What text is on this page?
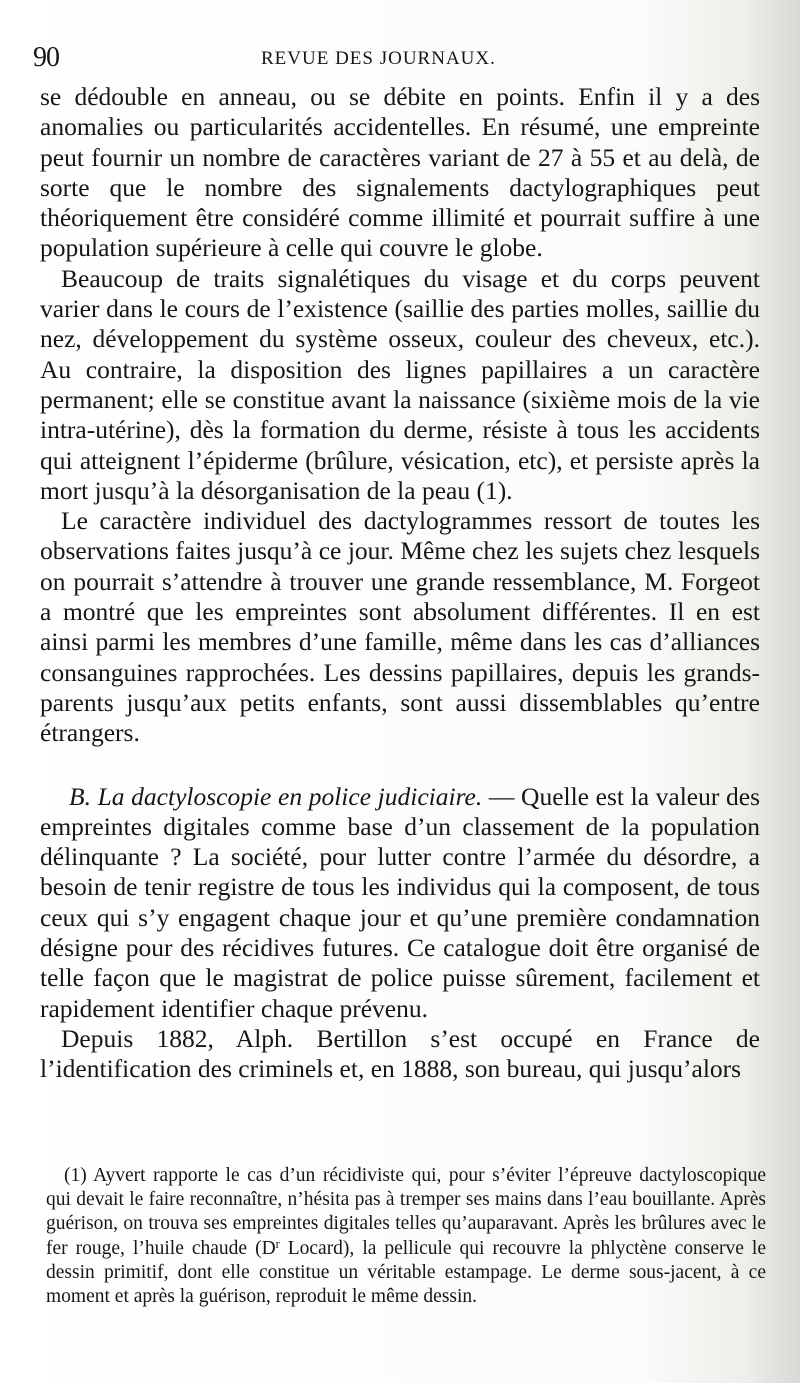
90	REVUE DES JOURNAUX.

se dédouble en anneau, ou se débite en points. Enfin il y a des anomalies ou particularités accidentelles. En résumé, une empreinte peut fournir un nombre de caractères variant de 27 à 55 et au delà, de sorte que le nombre des signalements dactylographiques peut théoriquement être considéré comme illimité et pourrait suffire à une population supérieure à celle qui couvre le globe.

Beaucoup de traits signalétiques du visage et du corps peuvent varier dans le cours de l’existence (saillie des parties molles, saillie du nez, développement du système osseux, couleur des cheveux, etc.). Au contraire, la disposition des lignes papillaires a un caractère permanent; elle se constitue avant la naissance (sixième mois de la vie intra-utérine), dès la formation du derme, résiste à tous les accidents qui atteignent l’épiderme (brûlure, vésication, etc), et persiste après la mort jusqu’à la désorganisation de la peau (1).

Le caractère individuel des dactylogrammes ressort de toutes les observations faites jusqu’à ce jour. Même chez les sujets chez lesquels on pourrait s’attendre à trouver une grande ressemblance, M. Forgeot a montré que les empreintes sont absolument différentes. Il en est ainsi parmi les membres d’une famille, même dans les cas d’alliances consanguines rapprochées. Les dessins papillaires, depuis les grands-parents jusqu’aux petits enfants, sont aussi dissemblables qu’entre étrangers.

B. La dactyloscopie en police judiciaire. — Quelle est la valeur des empreintes digitales comme base d’un classement de la population délinquante ? La société, pour lutter contre l’armée du désordre, a besoin de tenir registre de tous les individus qui la composent, de tous ceux qui s’y engagent chaque jour et qu’une première condamnation désigne pour des récidives futures. Ce catalogue doit être organisé de telle façon que le magistrat de police puisse sûrement, facilement et rapidement identifier chaque prévenu.

Depuis 1882, Alph. Bertillon s’est occupé en France de l’identification des criminels et, en 1888, son bureau, qui jusqu’alors

(1) Ayvert rapporte le cas d’un récidiviste qui, pour s’éviter l’épreuve dactyloscopique qui devait le faire reconnaître, n’hésita pas à tremper ses mains dans l’eau bouillante. Après guérison, on trouva ses empreintes digitales telles qu’auparavant. Après les brûlures avec le fer rouge, l’huile chaude ($D^r$ Locard), la pellicule qui recouvre la phlyctène conserve le dessin primitif, dont elle constitue un véritable estampage. Le derme sous-jacent, à ce moment et après la guérison, reproduit le même dessin.
